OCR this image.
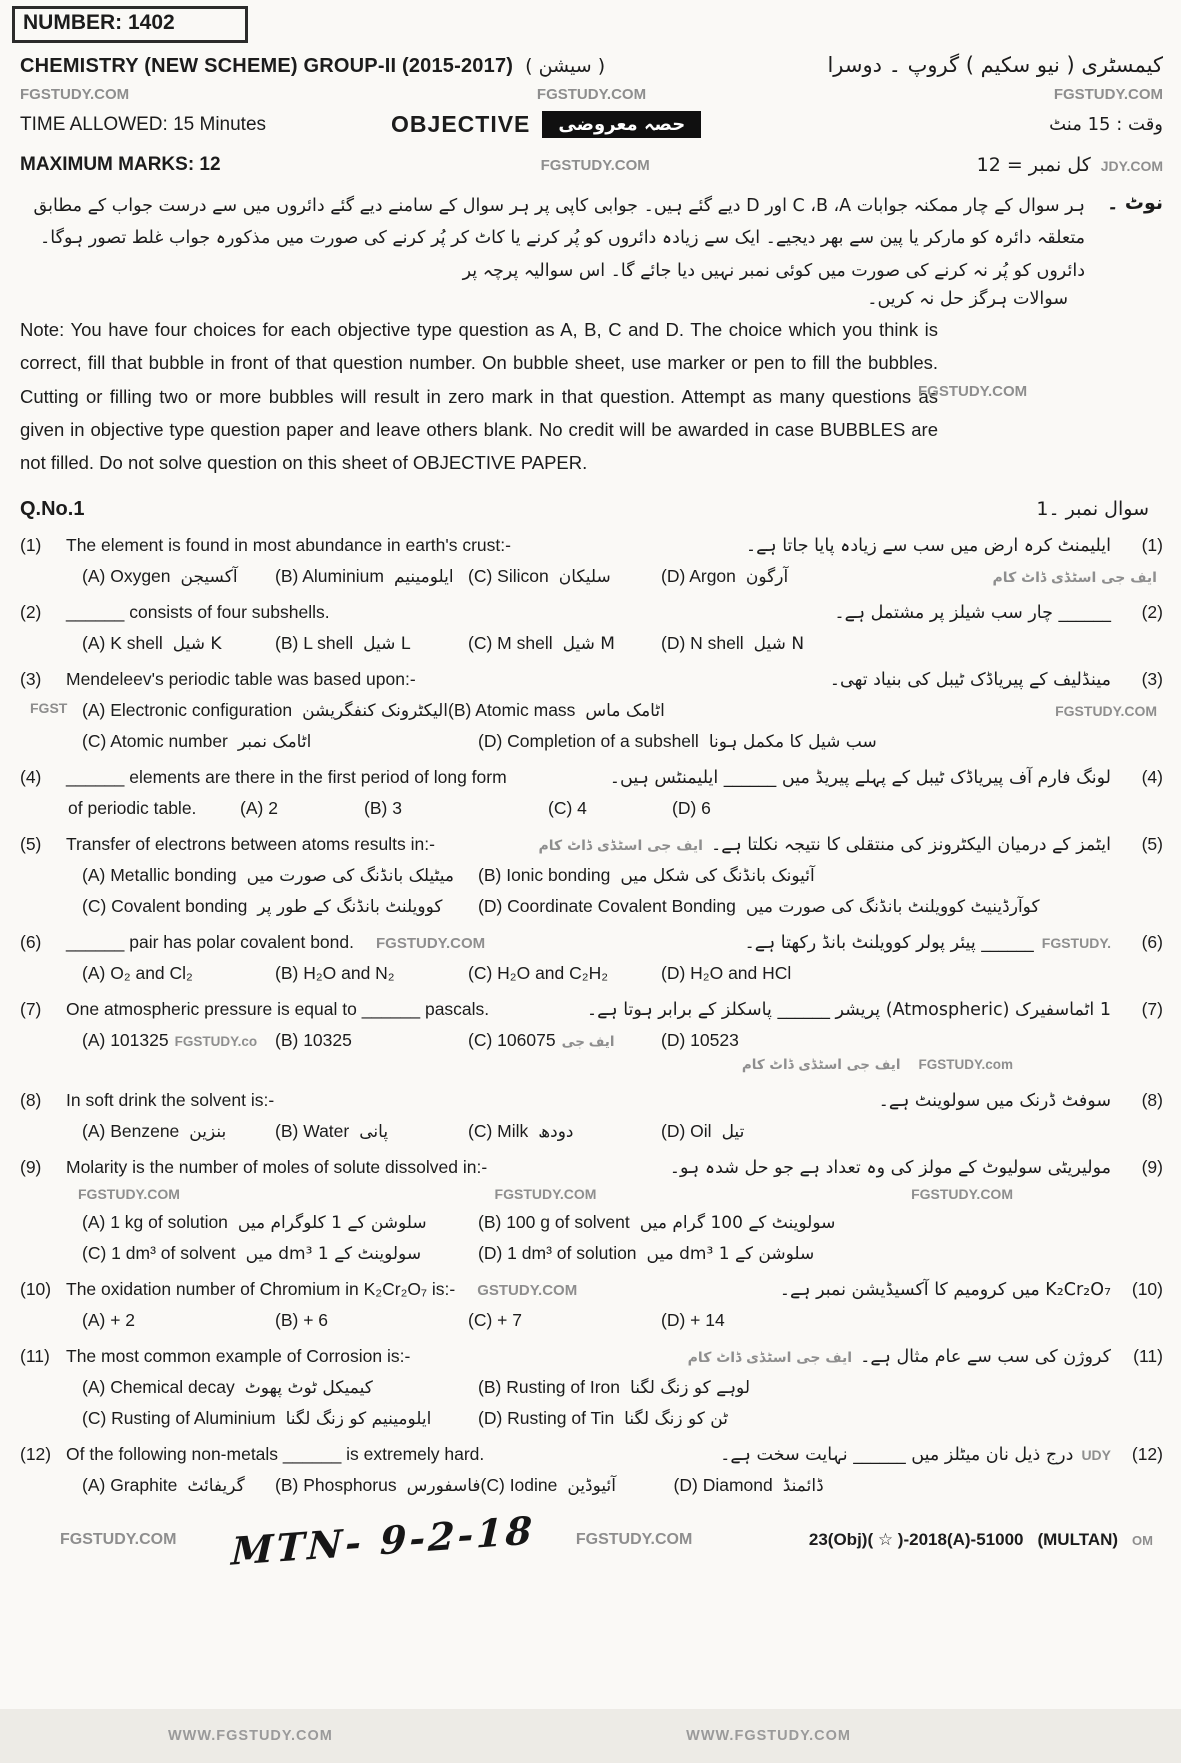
NUMBER: 1402
CHEMISTRY (NEW SCHEME) GROUP-II (2015-2017) ( سیشن )	کیمسٹری ( نیو سکیم ) گروپ ۔ دوسرا
FGSTUDY.COM	FGSTUDY.COM	FGSTUDY.COM
TIME ALLOWED: 15 Minutes	OBJECTIVE	حصہ معروضی	وقت : 15 منٹ
MAXIMUM MARKS: 12	FGSTUDY.COM	کل نمبر = 12 JDY.COM
ہر سوال کے چار ممکنہ جوابات C ،B ،A اور D دیے گئے ہیں۔ جوابی کاپی پر ہر سوال کے سامنے دیے گئے دائروں میں سے درست جواب کے مطابق متعلقہ دائرہ کو مارکر یا پین سے بھر دیجیے۔ ایک سے زیادہ دائروں کو پُر کرنے یا کاٹ کر پُر کرنے کی صورت میں مذکورہ جواب غلط تصور ہوگا۔ دائروں کو پُر نہ کرنے کی صورت میں کوئی نمبر نہیں دیا جائے گا۔ اس سوالیہ پرچہ پر
نوٹ ۔
سوالات ہرگز حل نہ کریں۔
Note: You have four choices for each objective type question as A, B, C and D. The choice which you think is correct, fill that bubble in front of that question number. On bubble sheet, use marker or pen to fill the bubbles. Cutting or filling two or more bubbles will result in zero mark in that question. Attempt as many questions as given in objective type question paper and leave others blank. No credit will be awarded in case BUBBLES are not filled. Do not solve question on this sheet of OBJECTIVE PAPER.
Q.No.1	سوال نمبر ۔1
(1)	The element is found in most abundance in earth's crust:-	ایلیمنٹ کرہ ارض میں سب سے زیادہ پایا جاتا ہے۔	(1)
(A) Oxygen آکسیجن	(B) Aluminium ایلومینیم (C) Silicon سلیکان	(D) Argon آرگون	ایف جی اسٹڈی ڈاٹ کام
(2)	______ consists of four subshells.	______ چار سب شیلز پر مشتمل ہے۔	(2)
(A) K shell K شیل	(B) L shell L شیل	(C) M shell M شیل	(D) N shell N شیل
(3)	Mendeleev's periodic table was based upon:-	مینڈلیف کے پیریاڈک ٹیبل کی بنیاد تھی۔	(3)
FGST (A) Electronic configuration الیکٹرونک کنفگریشن (B) Atomic mass اٹامک ماس	FGSTUDY.COM
(C) Atomic number اٹامک نمبر	(D) Completion of a subshell سب شیل کا مکمل ہونا
(4)	______ elements are there in the first period of long form	لونگ فارم آف پیریاڈک ٹیبل کے پہلے پیریڈ میں ______ ایلیمنٹس ہیں۔	(4)
of periodic table.	(A) 2	(B) 3	(C) 4	(D) 6
(5)	Transfer of electrons between atoms results in:-	ایف جی اسٹڈی ڈاٹ کام ایٹمز کے درمیان الیکٹرونز کی منتقلی کا نتیجہ نکلتا ہے۔	(5)
(A) Metallic bonding میٹیلک بانڈنگ کی صورت میں	(B) Ionic bonding آئیونک بانڈنگ کی شکل میں
(C) Covalent bonding کوویلنٹ بانڈنگ کے طور پر	(D) Coordinate Covalent Bonding کوآرڈینیٹ کوویلنٹ بانڈنگ کی صورت میں
(6)	______ pair has polar covalent bond. FGSTUDY.COM	______ پیئر پولر کوویلنٹ بانڈ رکھتا ہے۔ FGSTUDY.	(6)
(A) O₂ and Cl₂	(B) H₂O and N₂	(C) H₂O and C₂H₂	(D) H₂O and HCl
(7)	One atmospheric pressure is equal to ______ pascals.	1 اٹماسفیرک (Atmospheric) پریشر ______ پاسکلز کے برابر ہوتا ہے۔	(7)
(A) 101325 FGSTUDY.co	(B) 10325	(C) 106075 ایف جی	(D) 10523
ایف جی اسٹڈی ڈاٹ کام FGSTUDY.com
(8)	In soft drink the solvent is:-	سوفٹ ڈرنک میں سولوینٹ ہے۔	(8)
(A) Benzene بنزین	(B) Water پانی	(C) Milk دودھ	(D) Oil تیل
(9)	Molarity is the number of moles of solute dissolved in:-	مولیریٹی سولیوٹ کے مولز کی وہ تعداد ہے جو حل شدہ ہو۔	(9)
FGSTUDY.COM	FGSTUDY.COM	FGSTUDY.COM
(A) 1 kg of solution سلوشن کے 1 کلوگرام میں	(B) 100 g of solvent سولوینٹ کے 100 گرام میں
(C) 1 dm³ of solvent سولوینٹ کے 1 dm³ میں	(D) 1 dm³ of solution سلوشن کے 1 dm³ میں
(10) The oxidation number of Chromium in K₂Cr₂O₇ is:- GSTUDY.COM	K₂Cr₂O₇ میں کرومیم کا آکسیڈیشن نمبر ہے۔	(10)
(A) + 2	(B) + 6	(C) + 7	(D) + 14
(11) The most common example of Corrosion is:-	ایف جی اسٹڈی ڈاٹ کام کروژن کی سب سے عام مثال ہے۔	(11)
(A) Chemical decay کیمیکل ٹوٹ پھوٹ	(B) Rusting of Iron لوہے کو زنگ لگنا
(C) Rusting of Aluminium ایلومینیم کو زنگ لگنا	(D) Rusting of Tin ٹن کو زنگ لگنا
(12) Of the following non-metals ______ is extremely hard.	درج ذیل نان میٹلز میں ______ نہایت سخت ہے۔ UDY	(12)
(A) Graphite گریفائٹ	(B) Phosphorus فاسفورس (C) Iodine آئیوڈین	(D) Diamond ڈائمنڈ
FGSTUDY.COM MTN- 9-2-18 FGSTUDY.COM	23(Obj)( ☆ )-2018(A)-51000 (MULTAN) OM
FGSTUDY.COM
WWW.FGSTUDY.COM	WWW.FGSTUDY.COM
